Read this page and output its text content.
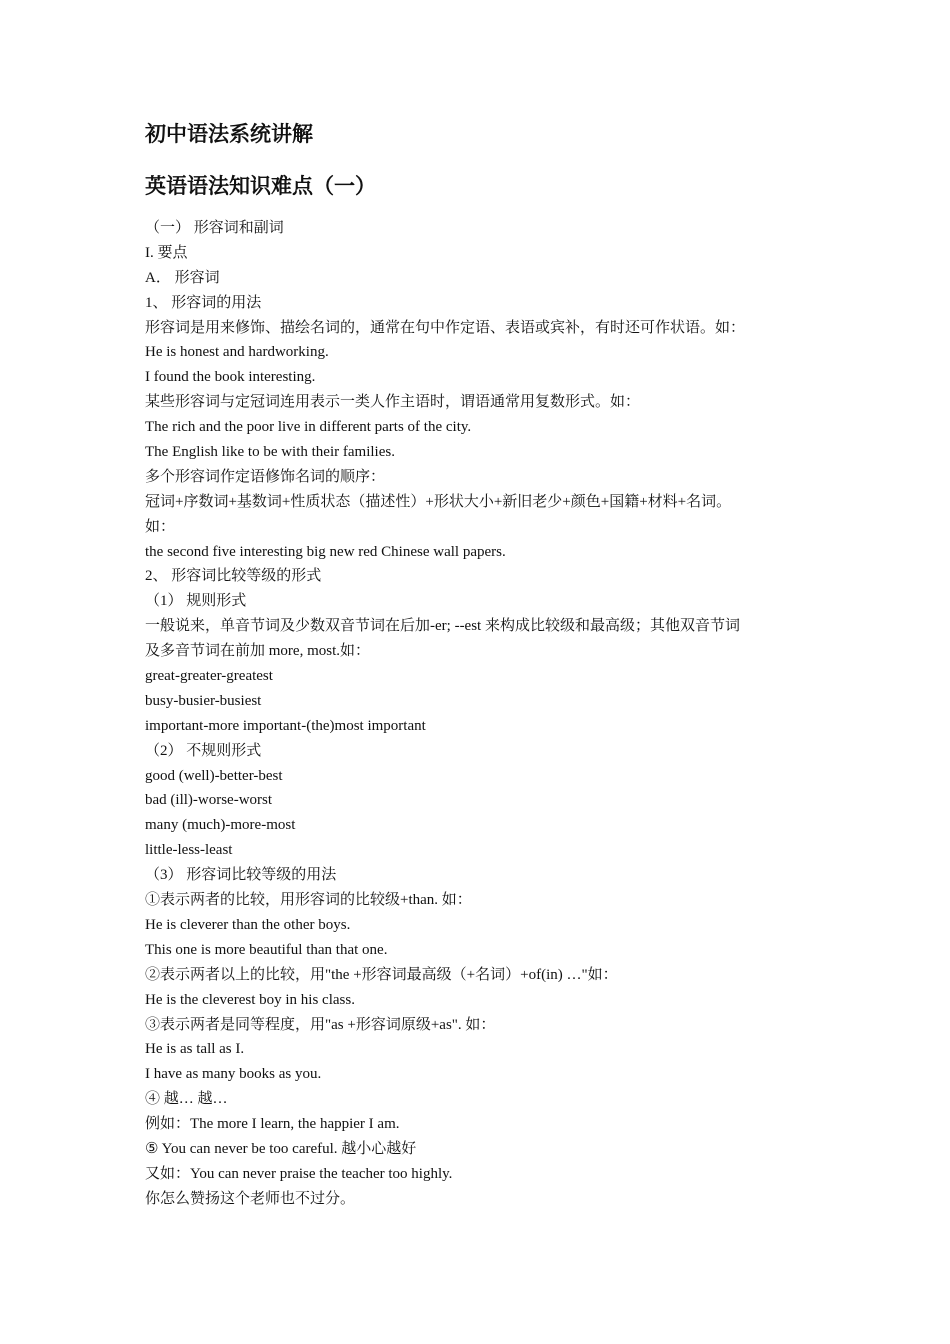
初中语法系统讲解
英语语法知识难点（一）
（一） 形容词和副词
I. 要点
A． 形容词
1、 形容词的用法
形容词是用来修饰、描绘名词的，通常在句中作定语、表语或宾补，有时还可作状语。如：
He is honest and hardworking.
I found the book interesting.
某些形容词与定冠词连用表示一类人作主语时，谓语通常用复数形式。如：
The rich and the poor live in different parts of the city.
The English like to be with their families.
多个形容词作定语修饰名词的顺序：
冠词+序数词+基数词+性质状态（描述性）+形状大小+新旧老少+颜色+国籍+材料+名词。
如：
the second five interesting big new red Chinese wall papers.
2、 形容词比较等级的形式
（1） 规则形式
一般说来，单音节词及少数双音节词在后加-er; --est 来构成比较级和最高级；其他双音节词
及多音节词在前加 more, most.如：
great-greater-greatest
busy-busier-busiest
important-more important-(the)most important
（2） 不规则形式
good (well)-better-best
bad (ill)-worse-worst
many (much)-more-most
little-less-least
（3） 形容词比较等级的用法
①表示两者的比较，用形容词的比较级+than. 如：
He is cleverer than the other boys.
This one is more beautiful than that one.
②表示两者以上的比较，用"the +形容词最高级（+名词）+of(in) …"如：
He is the cleverest boy in his class.
③表示两者是同等程度，用"as +形容词原级+as". 如：
He is as tall as I.
I have as many books as you.
④ 越… 越…
例如：The more I learn, the happier I am.
⑤ You can never be too careful. 越小心越好
又如：You can never praise the teacher too highly.
你怎么赞扬这个老师也不过分。
